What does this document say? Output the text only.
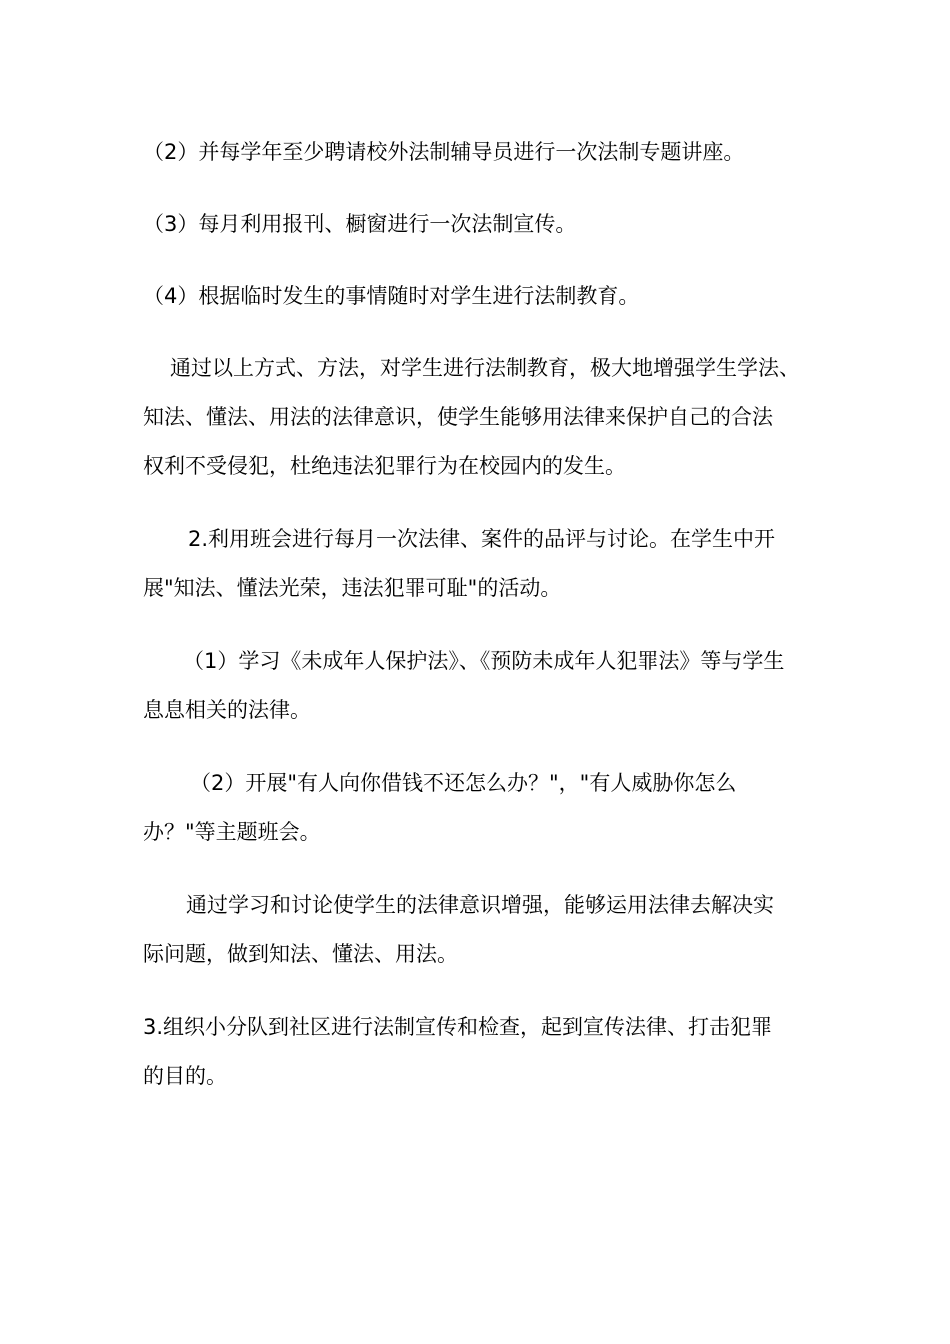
（2）并每学年至少聘请校外法制辅导员进行一次法制专题讲座。
（3）每月利用报刊、橱窗进行一次法制宣传。
（4）根据临时发生的事情随时对学生进行法制教育。
通过以上方式、方法，对学生进行法制教育，极大地增强学生学法、
知法、懂法、用法的法律意识，使学生能够用法律来保护自己的合法
权利不受侵犯，杜绝违法犯罪行为在校园内的发生。
2.利用班会进行每月一次法律、案件的品评与讨论。在学生中开
展"知法、懂法光荣，违法犯罪可耻"的活动。
（1）学习《未成年人保护法》、《预防未成年人犯罪法》等与学生
息息相关的法律。
（2）开展"有人向你借钱不还怎么办？"，"有人威胁你怎么
办？"等主题班会。
通过学习和讨论使学生的法律意识增强，能够运用法律去解决实
际问题，做到知法、懂法、用法。
3.组织小分队到社区进行法制宣传和检查，起到宣传法律、打击犯罪
的目的。
